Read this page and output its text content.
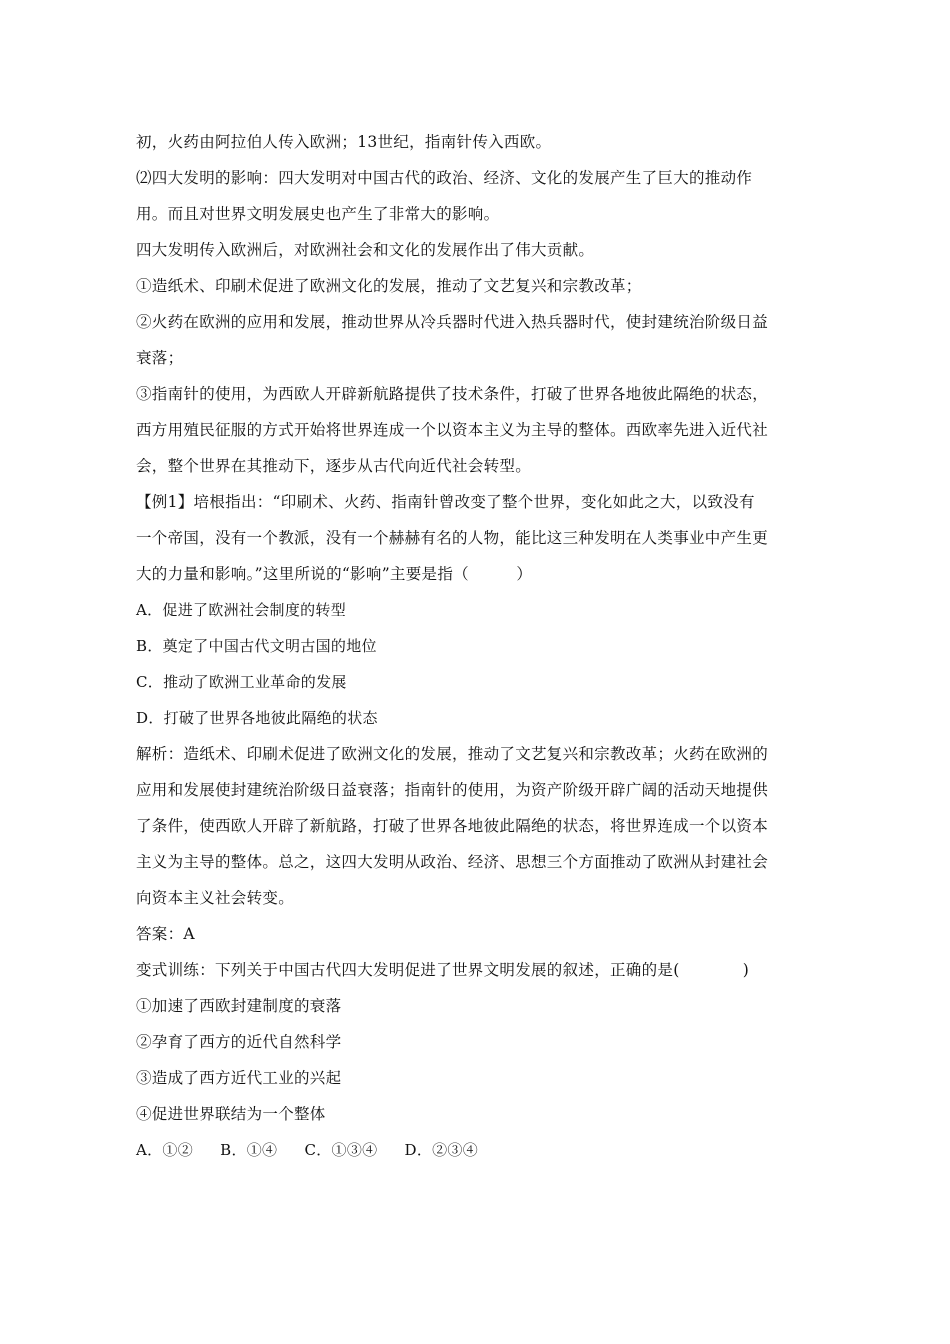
初，火药由阿拉伯人传入欧洲；13世纪，指南针传入西欧。
⑵四大发明的影响：四大发明对中国古代的政治、经济、文化的发展产生了巨大的推动作
用。而且对世界文明发展史也产生了非常大的影响。
四大发明传入欧洲后，对欧洲社会和文化的发展作出了伟大贡献。
①造纸术、印刷术促进了欧洲文化的发展，推动了文艺复兴和宗教改革；
②火药在欧洲的应用和发展，推动世界从冷兵器时代进入热兵器时代，使封建统治阶级日益
衰落；
③指南针的使用，为西欧人开辟新航路提供了技术条件，打破了世界各地彼此隔绝的状态，
西方用殖民征服的方式开始将世界连成一个以资本主义为主导的整体。西欧率先进入近代社
会，整个世界在其推动下，逐步从古代向近代社会转型。
【例1】培根指出：“印刷术、火药、指南针曾改变了整个世界，变化如此之大，以致没有
一个帝国，没有一个教派，没有一个赫赫有名的人物，能比这三种发明在人类事业中产生更
大的力量和影响。”这里所说的“影响”主要是指（　　　）
A．促进了欧洲社会制度的转型
B．奠定了中国古代文明古国的地位
C．推动了欧洲工业革命的发展
D．打破了世界各地彼此隔绝的状态
解析：造纸术、印刷术促进了欧洲文化的发展，推动了文艺复兴和宗教改革；火药在欧洲的
应用和发展使封建统治阶级日益衰落；指南针的使用，为资产阶级开辟广阔的活动天地提供
了条件，使西欧人开辟了新航路，打破了世界各地彼此隔绝的状态，将世界连成一个以资本
主义为主导的整体。总之，这四大发明从政治、经济、思想三个方面推动了欧洲从封建社会
向资本主义社会转变。
答案：A
变式训练：下列关于中国古代四大发明促进了世界文明发展的叙述，正确的是(　　　　)
①加速了西欧封建制度的衰落
②孕育了西方的近代自然科学
③造成了西方近代工业的兴起
④促进世界联结为一个整体
A．①② B．①④ C．①③④ D．②③④
